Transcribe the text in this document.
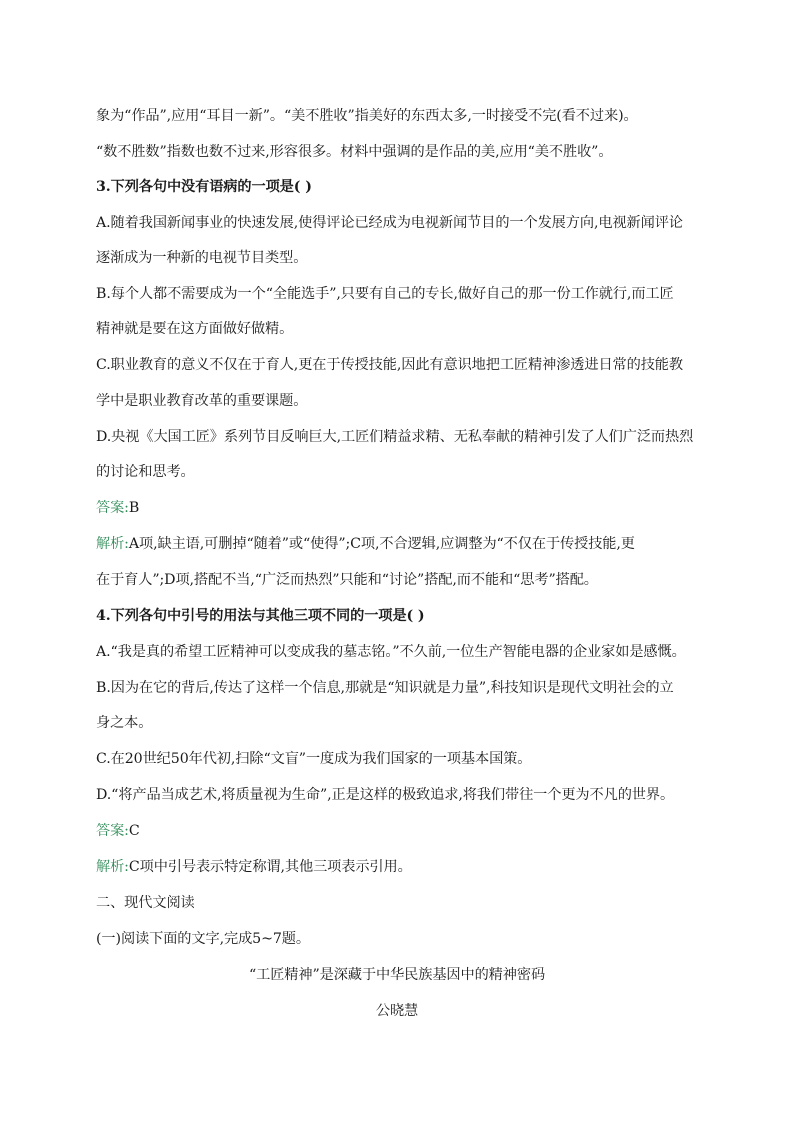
象为“作品”,应用“耳目一新”。“美不胜收”指美好的东西太多,一时接受不完(看不过来)。
“数不胜数”指数也数不过来,形容很多。材料中强调的是作品的美,应用“美不胜收”。
3.下列各句中没有语病的一项是( )
A.随着我国新闻事业的快速发展,使得评论已经成为电视新闻节目的一个发展方向,电视新闻评论
逐渐成为一种新的电视节目类型。
B.每个人都不需要成为一个“全能选手”,只要有自己的专长,做好自己的那一份工作就行,而工匠
精神就是要在这方面做好做精。
C.职业教育的意义不仅在于育人,更在于传授技能,因此有意识地把工匠精神渗透进日常的技能教
学中是职业教育改革的重要课题。
D.央视《大国工匠》系列节目反响巨大,工匠们精益求精、无私奉献的精神引发了人们广泛而热烈
的讨论和思考。
答案:B
解析:A项,缺主语,可删掉“随着”或“使得”;C项,不合逻辑,应调整为“不仅在于传授技能,更
在于育人”;D项,搭配不当,“广泛而热烈”只能和“讨论”搭配,而不能和“思考”搭配。
4.下列各句中引号的用法与其他三项不同的一项是( )
A.“我是真的希望工匠精神可以变成我的墓志铭。”不久前,一位生产智能电器的企业家如是感慨。
B.因为在它的背后,传达了这样一个信息,那就是“知识就是力量”,科技知识是现代文明社会的立
身之本。
C.在20世纪50年代初,扫除“文盲”一度成为我们国家的一项基本国策。
D.“将产品当成艺术,将质量视为生命”,正是这样的极致追求,将我们带往一个更为不凡的世界。
答案:C
解析:C项中引号表示特定称谓,其他三项表示引用。
二、现代文阅读
(一)阅读下面的文字,完成5~7题。
“工匠精神”是深藏于中华民族基因中的精神密码
公晓慧
